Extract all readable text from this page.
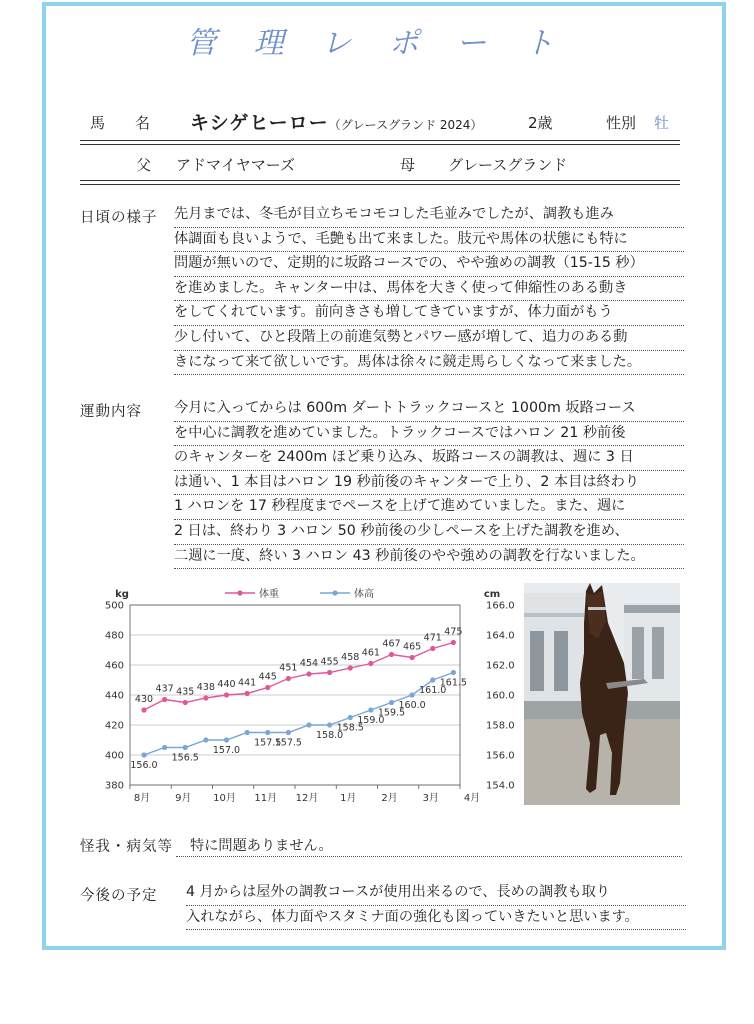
管 理 レ ポ ー ト
馬　　名 キシゲヒーロー（グレースグランド 2024）	2歳	性別 牡
父 アドマイヤマーズ	母 グレースグランド
日頃の様子 先月までは、冬毛が目立ちモコモコした毛並みでしたが、調教も進み
体調面も良いようで、毛艶も出て来ました。肢元や馬体の状態にも特に
問題が無いので、定期的に坂路コースでの、やや強めの調教（15-15 秒）
を進めました。キャンター中は、馬体を大きく使って伸縮性のある動き
をしてくれています。前向きさも増してきていますが、体力面がもう
少し付いて、ひと段階上の前進気勢とパワー感が増して、追力のある動
きになって来て欲しいです。馬体は徐々に競走馬らしくなって来ました。
運動内容 今月に入ってからは 600m ダートトラックコースと 1000m 坂路コース
を中心に調教を進めていました。トラックコースではハロン 21 秒前後
のキャンターを 2400m ほど乗り込み、坂路コースの調教は、週に 3 日
は通い、1 本目はハロン 19 秒前後のキャンターで上り、2 本目は終わり
1 ハロンを 17 秒程度までペースを上げて進めていました。また、週に
2 日は、終わり 3 ハロン 50 秒前後の少しペースを上げた調教を進め、
二週に一度、終い 3 ハロン 43 秒前後のやや強めの調教を行ないました。
500
480
460
440
420
400
380
166.0
164.0
162.0
160.0
158.0
156.0
154.0
8月 9月 10月 11月 12月 1月 2月 3月 4月
kg	cm
体重	体高
430
437 435 438 440 441
445
451 454 455 458 461
467 465
471
475
156.0
156.5
157.0
157.5
157.5
158.0
158.5
159.0
159.5
160.0
161.0
161.5
怪我・病気等 特に問題ありません。
今後の予定 4 月からは屋外の調教コースが使用出来るので、長めの調教も取り
入れながら、体力面やスタミナ面の強化も図っていきたいと思います。
